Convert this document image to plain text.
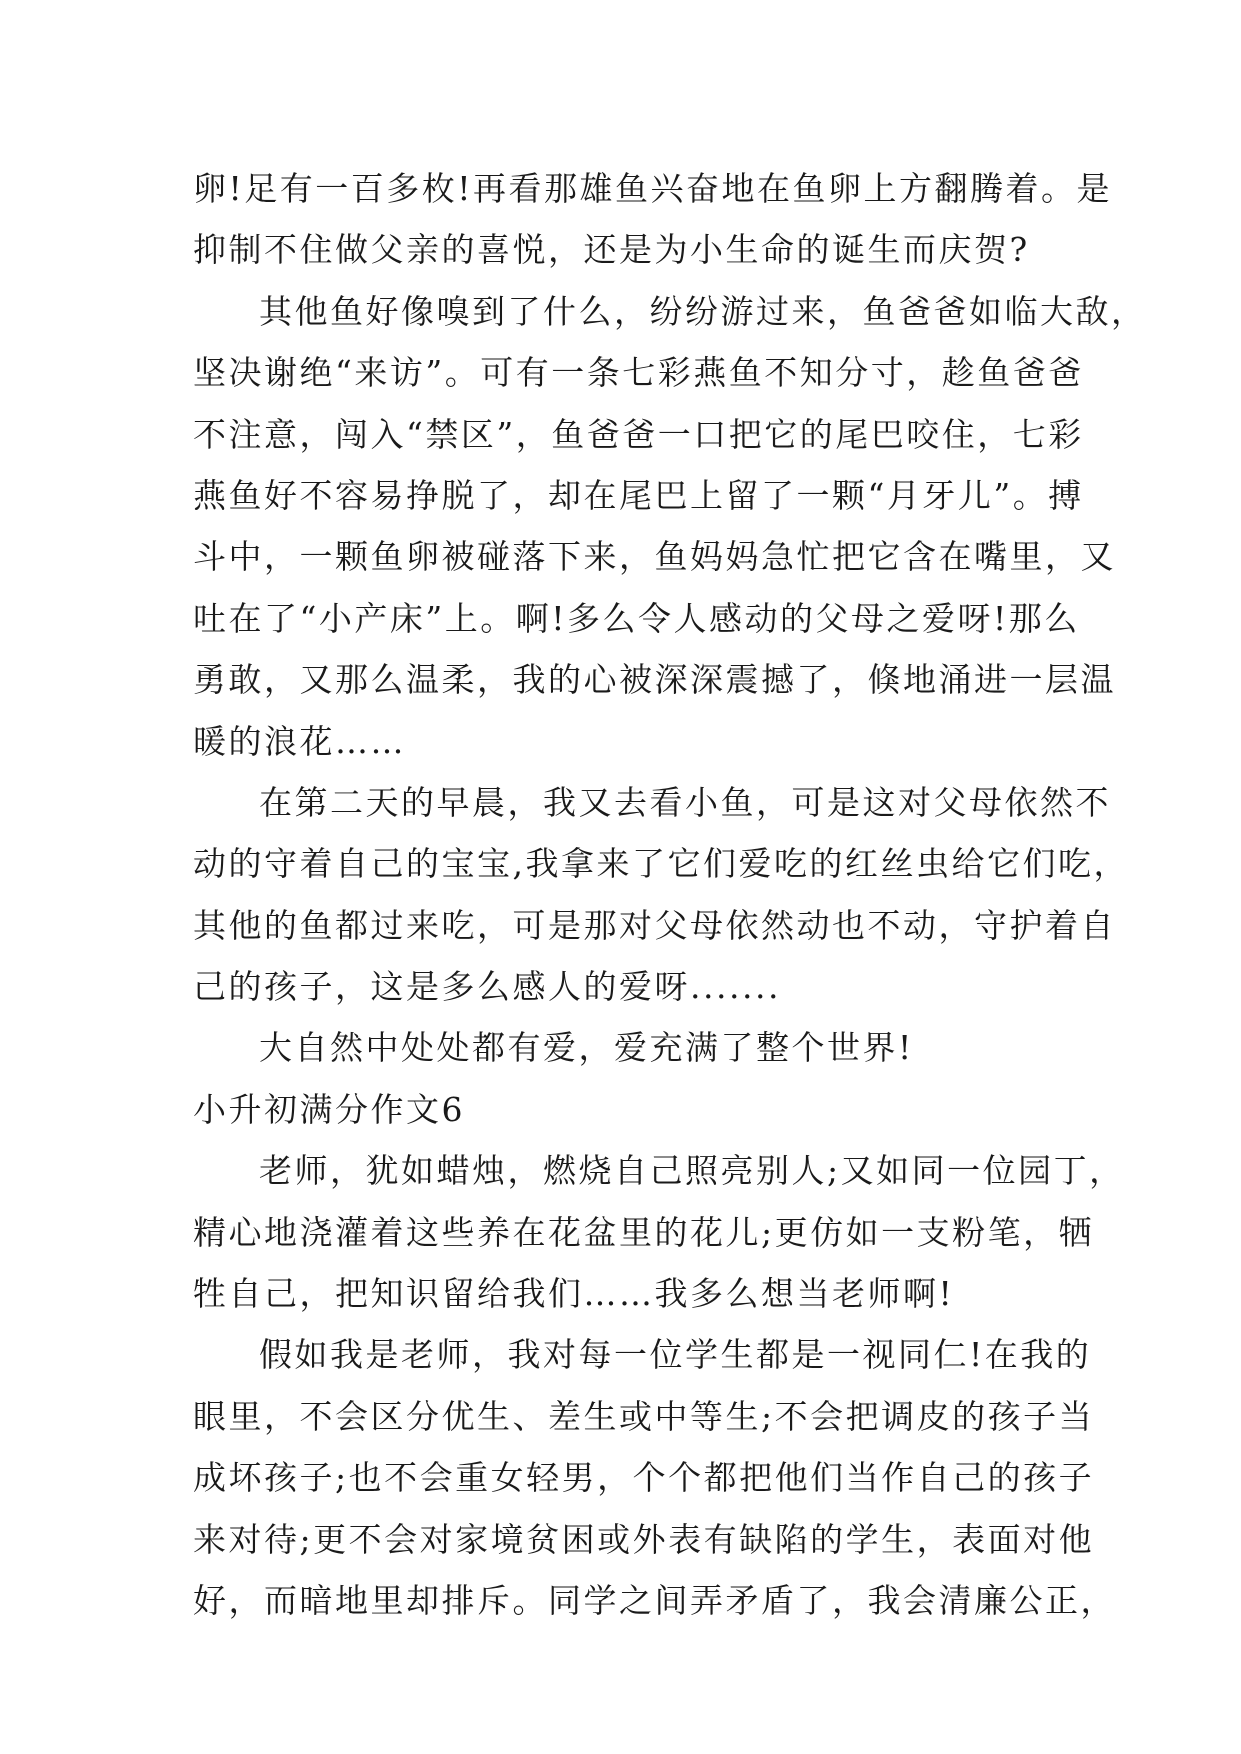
卵!足有一百多枚!再看那雄鱼兴奋地在鱼卵上方翻腾着。是
抑制不住做父亲的喜悦，还是为小生命的诞生而庆贺?
其他鱼好像嗅到了什么，纷纷游过来，鱼爸爸如临大敌，
坚决谢绝“来访”。可有一条七彩燕鱼不知分寸，趁鱼爸爸
不注意，闯入“禁区”，鱼爸爸一口把它的尾巴咬住，七彩
燕鱼好不容易挣脱了，却在尾巴上留了一颗“月牙儿”。搏
斗中，一颗鱼卵被碰落下来，鱼妈妈急忙把它含在嘴里，又
吐在了“小产床”上。啊!多么令人感动的父母之爱呀!那么
勇敢，又那么温柔，我的心被深深震撼了，倏地涌进一层温
暖的浪花……
在第二天的早晨，我又去看小鱼，可是这对父母依然不
动的守着自己的宝宝,我拿来了它们爱吃的红丝虫给它们吃，
其他的鱼都过来吃，可是那对父母依然动也不动，守护着自
己的孩子，这是多么感人的爱呀.......
大自然中处处都有爱，爱充满了整个世界!
小升初满分作文6
老师，犹如蜡烛，燃烧自己照亮别人;又如同一位园丁，
精心地浇灌着这些养在花盆里的花儿;更仿如一支粉笔，牺
牲自己，把知识留给我们……我多么想当老师啊!
假如我是老师，我对每一位学生都是一视同仁!在我的
眼里，不会区分优生、差生或中等生;不会把调皮的孩子当
成坏孩子;也不会重女轻男，个个都把他们当作自己的孩子
来对待;更不会对家境贫困或外表有缺陷的学生，表面对他
好，而暗地里却排斥。同学之间弄矛盾了，我会清廉公正，
